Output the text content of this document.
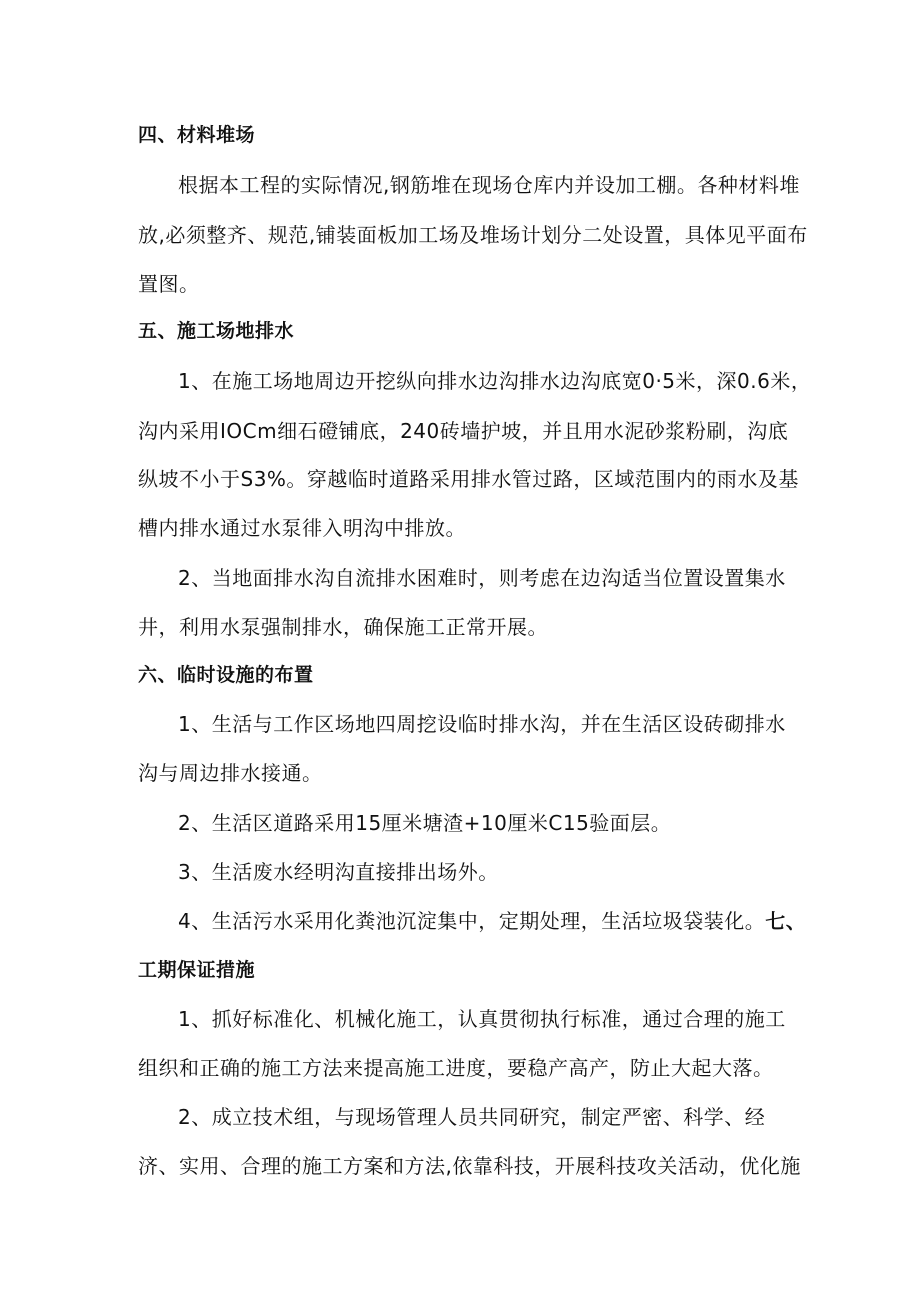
四、材料堆场
根据本工程的实际情况,钢筋堆在现场仓库内并设加工棚。各种材料堆
放,必须整齐、规范,铺装面板加工场及堆场计划分二处设置，具体见平面布
置图。
五、施工场地排水
1、在施工场地周边开挖纵向排水边沟排水边沟底宽0·5米，深0.6米，
沟内采用IOCm细石磴铺底，240砖墙护坡，并且用水泥砂浆粉刷，沟底
纵坡不小于S3%。穿越临时道路采用排水管过路，区域范围内的雨水及基
槽内排水通过水泵徘入明沟中排放。
2、当地面排水沟自流排水困难时，则考虑在边沟适当位置设置集水
井，利用水泵强制排水，确保施工正常开展。
六、临时设施的布置
1、生活与工作区场地四周挖设临时排水沟，并在生活区设砖砌排水
沟与周边排水接通。
2、生活区道路采用15厘米塘渣+10厘米C15验面层。
3、生活废水经明沟直接排出场外。
4、生活污水采用化粪池沉淀集中，定期处理，生活垃圾袋装化。七、
工期保证措施
1、抓好标准化、机械化施工，认真贯彻执行标准，通过合理的施工
组织和正确的施工方法来提高施工进度，要稳产高产，防止大起大落。
2、成立技术组，与现场管理人员共同研究，制定严密、科学、经
济、实用、合理的施工方案和方法,依靠科技，开展科技攻关活动，优化施
